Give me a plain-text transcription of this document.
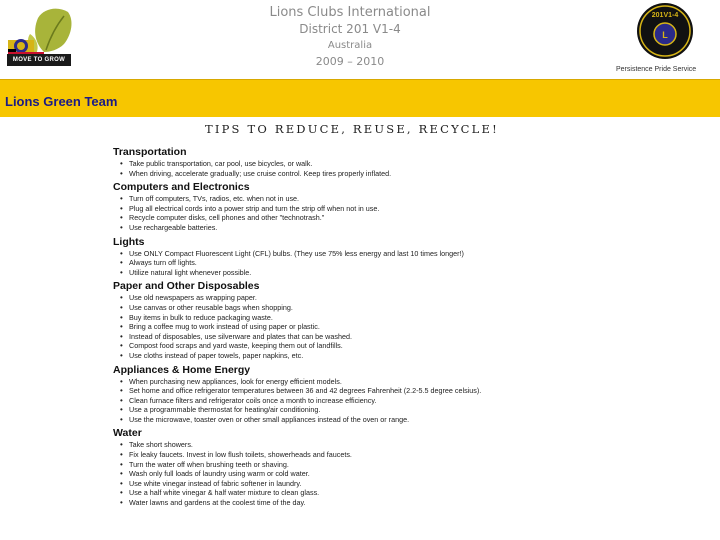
MOVE TO GROW
Lions Clubs International
District 201 V1-4
Australia
2009 – 2010
L
201V1-4
Persistence Pride Service
Lions Green Team
TIPS TO REDUCE, REUSE, RECYCLE!
Transportation
• Take public transportation, car pool, use bicycles, or walk.
• When driving, accelerate gradually; use cruise control. Keep tires properly inflated.
Computers and Electronics
• Turn off computers, TVs, radios, etc. when not in use.
• Plug all electrical cords into a power strip and turn the strip off when not in use.
• Recycle computer disks, cell phones and other "technotrash."
• Use rechargeable batteries.
Lights
• Use ONLY Compact Fluorescent Light (CFL) bulbs. (They use 75% less energy and last 10 times longer!)
• Always turn off lights.
• Utilize natural light whenever possible.
Paper and Other Disposables
• Use old newspapers as wrapping paper.
• Use canvas or other reusable bags when shopping.
• Buy items in bulk to reduce packaging waste.
• Bring a coffee mug to work instead of using paper or plastic.
• Instead of disposables, use silverware and plates that can be washed.
• Compost food scraps and yard waste, keeping them out of landfills.
• Use cloths instead of paper towels, paper napkins, etc.
Appliances & Home Energy
• When purchasing new appliances, look for energy efficient models.
• Set home and office refrigerator temperatures between 36 and 42 degrees Fahrenheit (2.2-5.5 degree celsius).
• Clean furnace filters and refrigerator coils once a month to increase efficiency.
• Use a programmable thermostat for heating/air conditioning.
• Use the microwave, toaster oven or other small appliances instead of the oven or range.
Water
• Take short showers.
• Fix leaky faucets. Invest in low flush toilets, showerheads and faucets.
• Turn the water off when brushing teeth or shaving.
• Wash only full loads of laundry using warm or cold water.
• Use white vinegar instead of fabric softener in laundry.
• Use a half white vinegar & half water mixture to clean glass.
• Water lawns and gardens at the coolest time of the day.
